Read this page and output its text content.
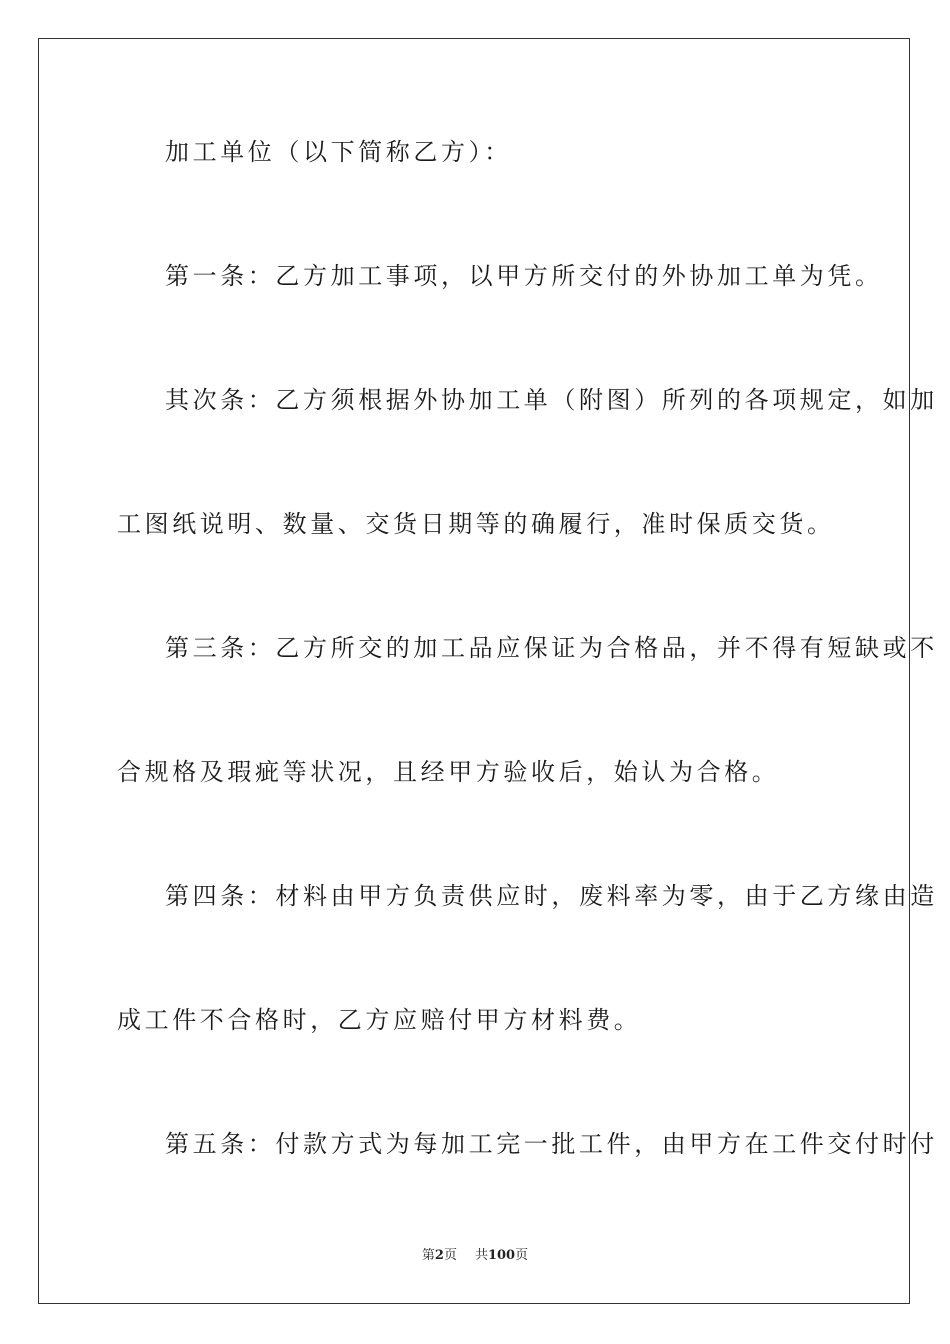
加工单位（以下简称乙方）：
第一条：乙方加工事项，以甲方所交付的外协加工单为凭。
其次条：乙方须根据外协加工单（附图）所列的各项规定，如加
工图纸说明、数量、交货日期等的确履行，准时保质交货。
第三条：乙方所交的加工品应保证为合格品，并不得有短缺或不
合规格及瑕疵等状况，且经甲方验收后，始认为合格。
第四条：材料由甲方负责供应时，废料率为零，由于乙方缘由造
成工件不合格时，乙方应赔付甲方材料费。
第五条：付款方式为每加工完一批工件，由甲方在工件交付时付
第2页 共100页
